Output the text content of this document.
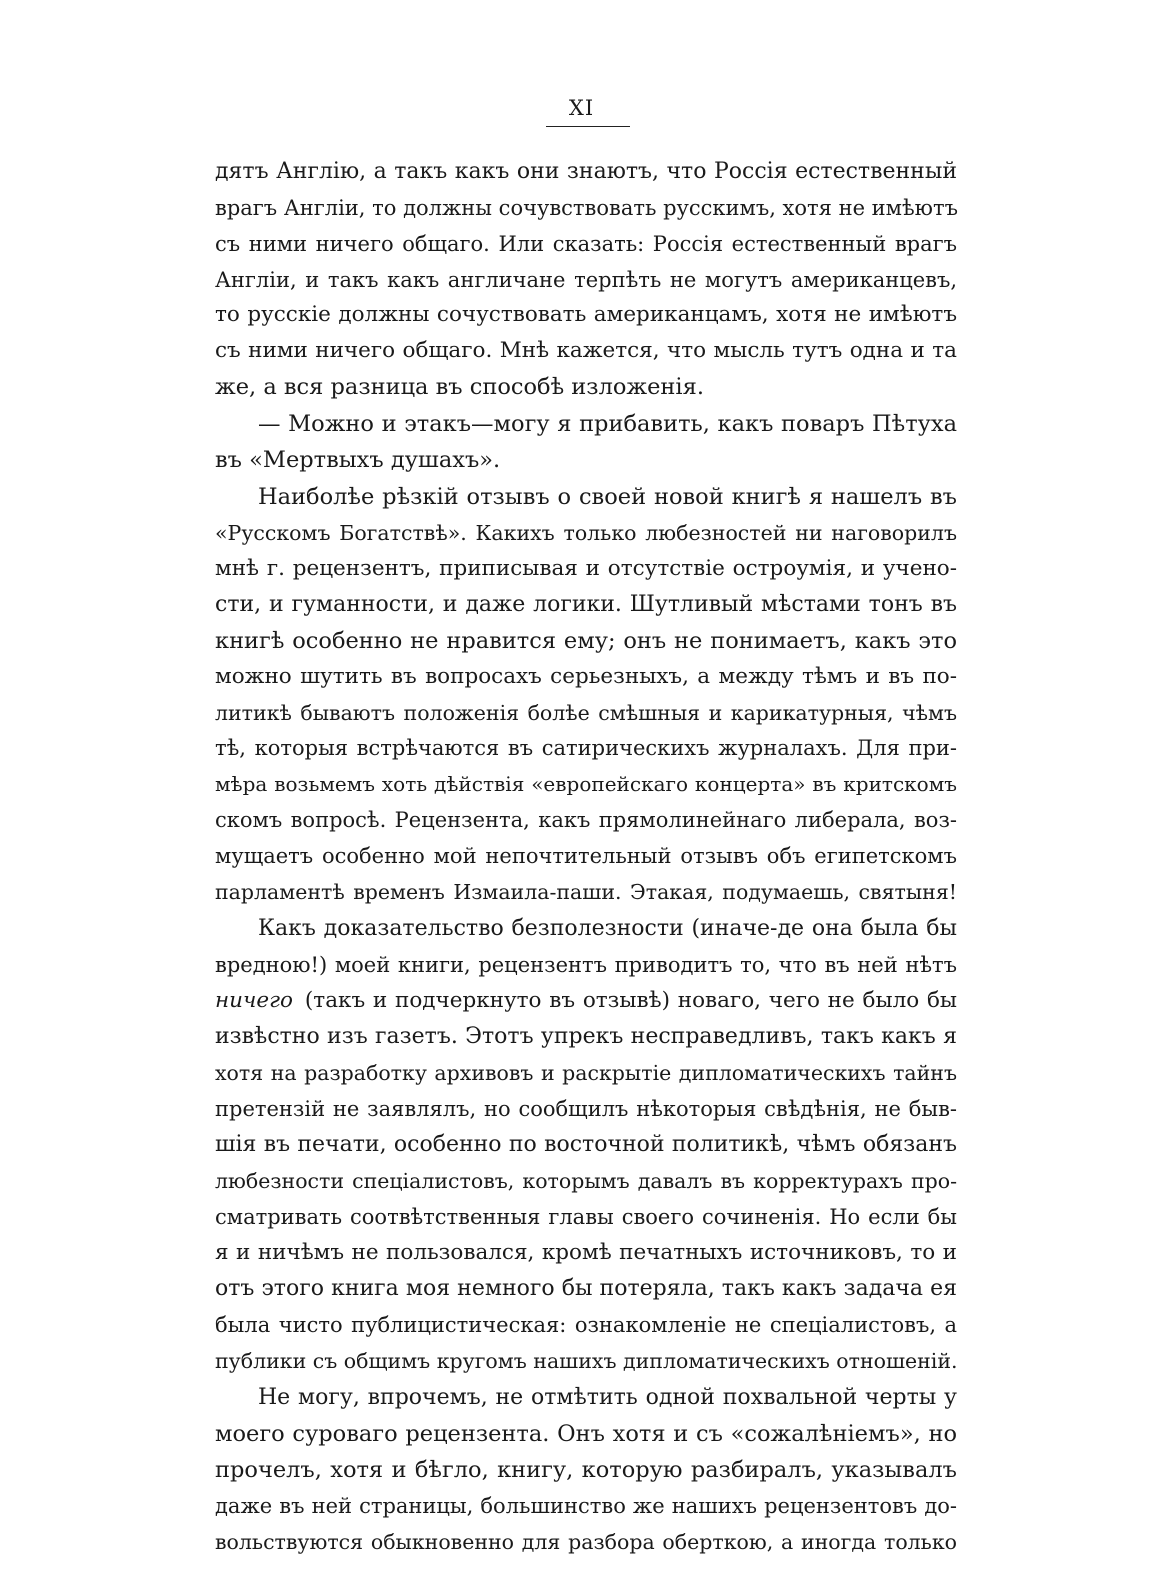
XI
дятъ Англію, а такъ какъ они знаютъ, что Россія естественный
врагъ Англіи, то должны сочувствовать русскимъ, хотя не имѣютъ
съ ними ничего общаго. Или сказать: Россія естественный врагъ
Англіи, и такъ какъ англичане терпѣть не могутъ американцевъ,
то русскіе должны сочуствовать американцамъ, хотя не имѣютъ
съ ними ничего общаго. Мнѣ кажется, что мысль тутъ одна и та
же, а вся разница въ способѣ изложенія.
— Можно и этакъ—могу я прибавить, какъ поваръ Пѣтуха
въ «Мертвыхъ душахъ».
Наиболѣе рѣзкій отзывъ о своей новой книгѣ я нашелъ въ
«Русскомъ Богатствѣ». Какихъ только любезностей ни наговорилъ
мнѣ г. рецензентъ, приписывая и отсутствіе остроумія, и учено-
сти, и гуманности, и даже логики. Шутливый мѣстами тонъ въ
книгѣ особенно не нравится ему; онъ не понимаетъ, какъ это
можно шутить въ вопросахъ серьезныхъ, а между тѣмъ и въ по-
литикѣ бываютъ положенія болѣе смѣшныя и карикатурныя, чѣмъ
тѣ, которыя встрѣчаются въ сатирическихъ журналахъ. Для при-
мѣра возьмемъ хоть дѣйствія «европейскаго концерта» въ критскомъ
скомъ вопросѣ. Рецензента, какъ прямолинейнаго либерала, воз-
мущаетъ особенно мой непочтительный отзывъ объ египетскомъ
парламентѣ временъ Измаила-паши. Этакая, подумаешь, святыня!
Какъ доказательство безполезности (иначе-де она была бы
вредною!) моей книги, рецензентъ приводитъ то, что въ ней нѣтъ
ничего (такъ и подчеркнуто въ отзывѣ) новаго, чего не было бы
извѣстно изъ газетъ. Этотъ упрекъ несправедливъ, такъ какъ я
хотя на разработку архивовъ и раскрытіе дипломатическихъ тайнъ
претензій не заявлялъ, но сообщилъ нѣкоторыя свѣдѣнія, не быв-
шія въ печати, особенно по восточной политикѣ, чѣмъ обязанъ
любезности спеціалистовъ, которымъ давалъ въ корректурахъ про-
сматривать соотвѣтственныя главы своего сочиненія. Но если бы
я и ничѣмъ не пользовался, кромѣ печатныхъ источниковъ, то и
отъ этого книга моя немного бы потеряла, такъ какъ задача ея
была чисто публицистическая: ознакомленіе не спеціалистовъ, а
публики съ общимъ кругомъ нашихъ дипломатическихъ отношеній.
Не могу, впрочемъ, не отмѣтить одной похвальной черты у
моего суроваго рецензента. Онъ хотя и съ «сожалѣніемъ», но
прочелъ, хотя и бѣгло, книгу, которую разбиралъ, указывалъ
даже въ ней страницы, большинство же нашихъ рецензентовъ до-
вольствуются обыкновенно для разбора оберткою, а иногда только
